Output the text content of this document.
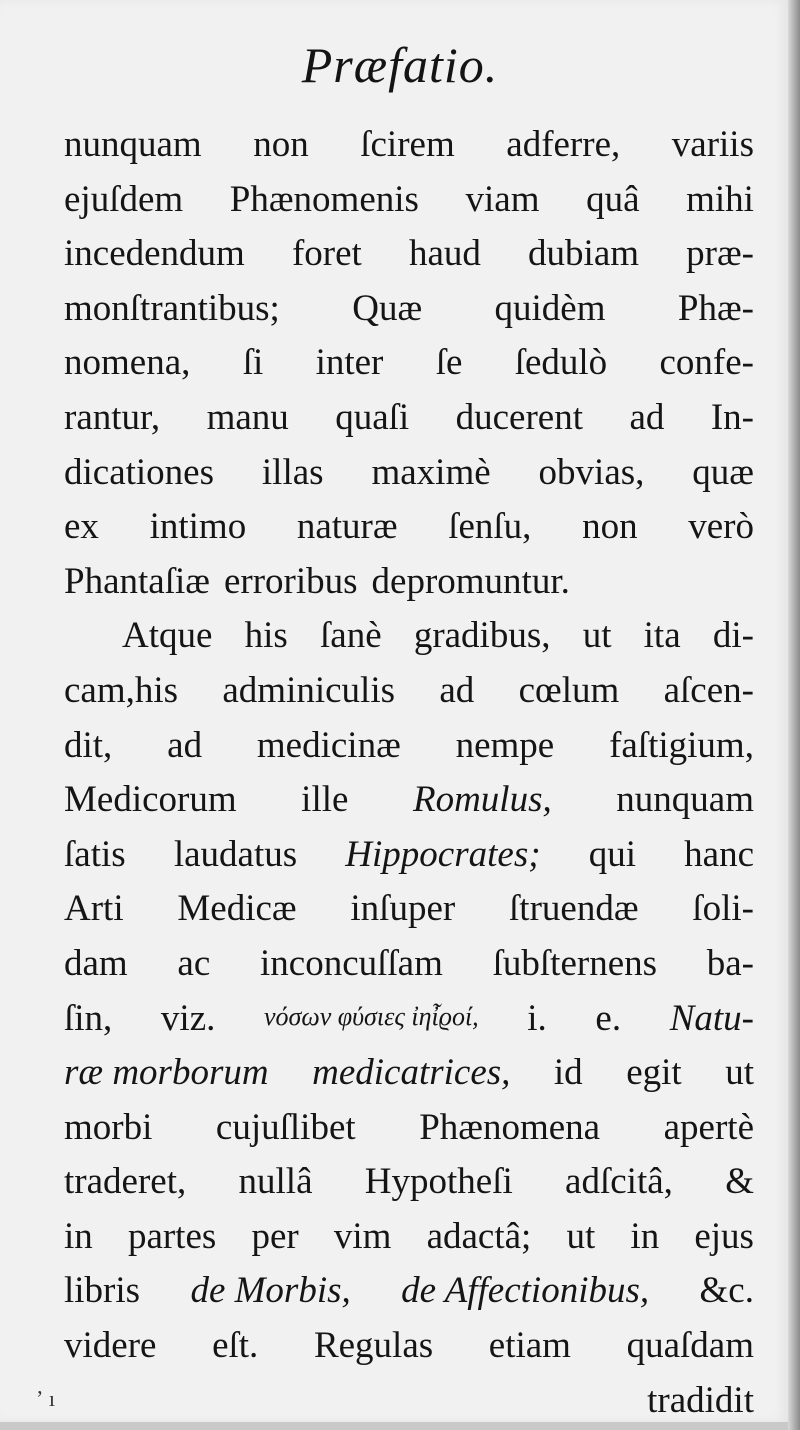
Præfatio.
nunquam non ſcirem adferre, variis
ejuſdem Phænomenis viam quâ mihi
incedendum foret haud dubiam præ-
monſtrantibus; Quæ quidèm Phæ-
nomena, ſi inter ſe ſedulò confe-
rantur, manu quaſi ducerent ad In-
dicationes illas maximè obvias, quæ
ex intimo naturæ ſenſu, non verò
Phantaſiæ erroribus depromuntur.
Atque his ſanè gradibus, ut ita di-
cam,his adminiculis ad cœlum aſcen-
dit, ad medicinæ nempe faſtigium,
Medicorum ille Romulus, nunquam
ſatis laudatus Hippocrates; qui hanc
Arti Medicæ inſuper ſtruendæ ſoli-
dam ac inconcuſſam ſubſternens ba-
ſin, viz. νόσων φύσιες ἰηἶϱοί, i. e. Natu-
ræ morborum medicatrices, id egit ut
morbi cujuſlibet Phænomena apertè
traderet, nullâ Hypotheſi adſcitâ, &
in partes per vim adactâ; ut in ejus
libris de Morbis, de Affectionibus, &c.
videre eſt. Regulas etiam quaſdam
tradidit
ʼ ı
